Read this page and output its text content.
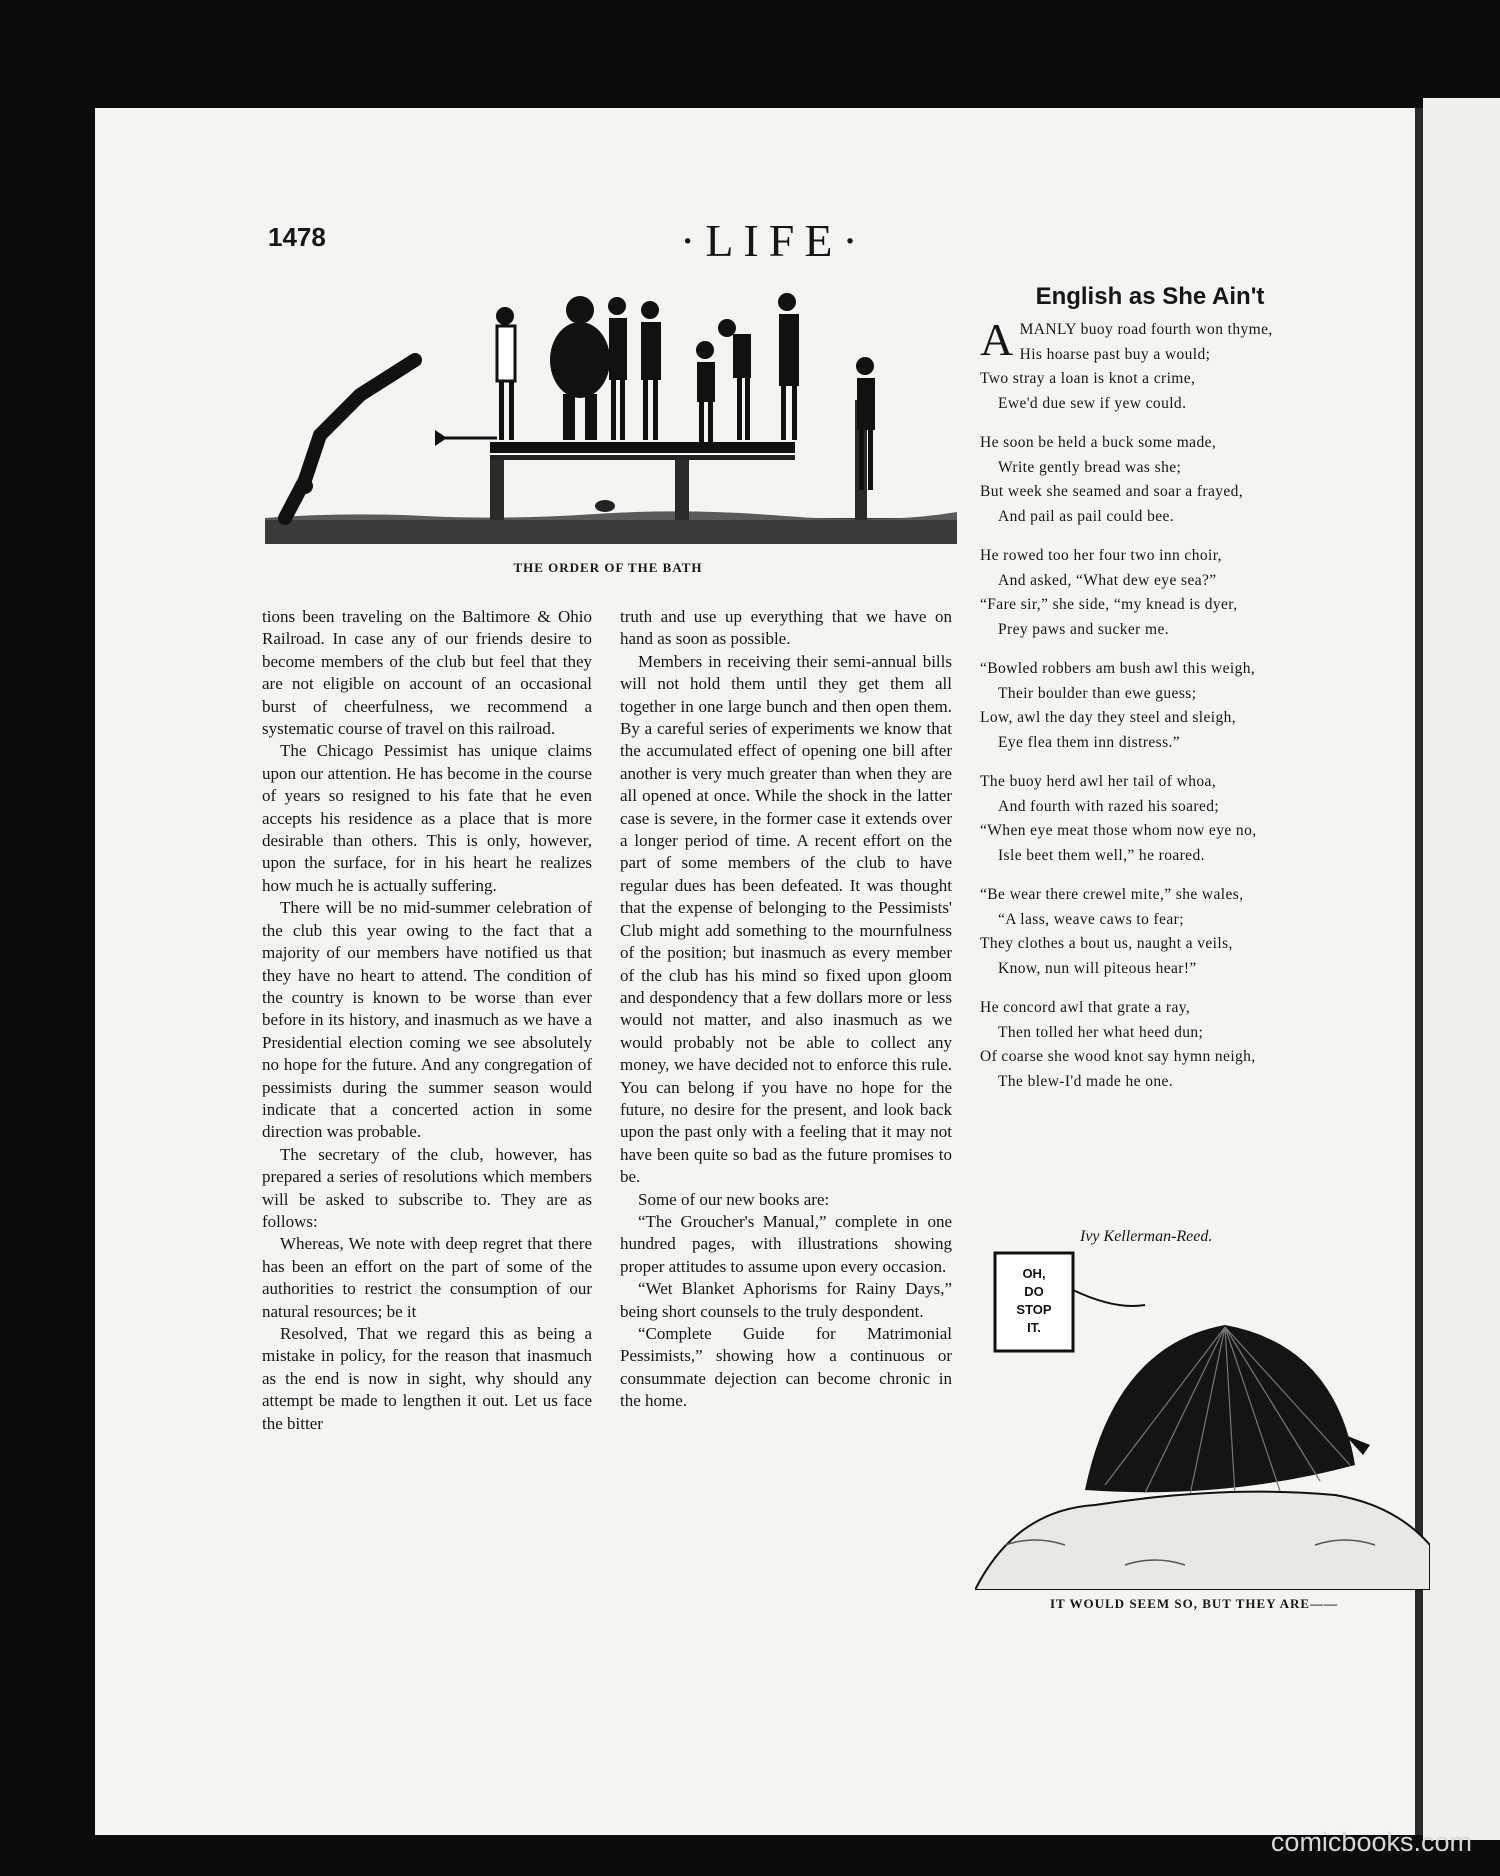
1478	·LIFE·
THE ORDER OF THE BATH

tions been traveling on the Baltimore & Ohio Railroad. In case any of our friends desire to become members of the club but feel that they are not eligible on account of an occasional burst of cheerfulness, we recommend a systematic course of travel on this railroad.

The Chicago Pessimist has unique claims upon our attention. He has become in the course of years so resigned to his fate that he even accepts his residence as a place that is more desirable than others. This is only, however, upon the surface, for in his heart he realizes how much he is actually suffering.

There will be no mid-summer celebration of the club this year owing to the fact that a majority of our members have notified us that they have no heart to attend. The condition of the country is known to be worse than ever before in its history, and inasmuch as we have a Presidential election coming we see absolutely no hope for the future. And any congregation of pessimists during the summer season would indicate that a concerted action in some direction was probable.

The secretary of the club, however, has prepared a series of resolutions which members will be asked to subscribe to. They are as follows:

Whereas, We note with deep regret that there has been an effort on the part of some of the authorities to restrict the consumption of our natural resources; be it

Resolved, That we regard this as being a mistake in policy, for the reason that inasmuch as the end is now in sight, why should any attempt be made to lengthen it out. Let us face the bitter

truth and use up everything that we have on hand as soon as possible.

Members in receiving their semi-annual bills will not hold them until they get them all together in one large bunch and then open them. By a careful series of experiments we know that the accumulated effect of opening one bill after another is very much greater than when they are all opened at once. While the shock in the latter case is severe, in the former case it extends over a longer period of time. A recent effort on the part of some members of the club to have regular dues has been defeated. It was thought that the expense of belonging to the Pessimists' Club might add something to the mournfulness of the position; but inasmuch as every member of the club has his mind so fixed upon gloom and despondency that a few dollars more or less would not matter, and also inasmuch as we would probably not be able to collect any money, we have decided not to enforce this rule. You can belong if you have no hope for the future, no desire for the present, and look back upon the past only with a feeling that it may not have been quite so bad as the future promises to be.

Some of our new books are:

“The Groucher's Manual,” complete in one hundred pages, with illustrations showing proper attitudes to assume upon every occasion.

“Wet Blanket Aphorisms for Rainy Days,” being short counsels to the truly despondent.

“Complete Guide for Matrimonial Pessimists,” showing how a continuous or consummate dejection can become chronic in the home.

English as She Ain't
A MANLY buoy road fourth won thyme,
His hoarse past buy a would;
Two stray a loan is knot a crime,
Ewe'd due sew if yew could.
He soon be held a buck some made,
Write gently bread was she;
But week she seamed and soar a frayed,
And pail as pail could bee.
He rowed too her four two inn choir,
And asked, “What dew eye sea?”
“Fare sir,” she side, “my knead is dyer,
Prey paws and sucker me.
“Bowled robbers am bush awl this weigh,
Their boulder than ewe guess;
Low, awl the day they steel and sleigh,
Eye flea them inn distress.”
The buoy herd awl her tail of whoa,
And fourth with razed his soared;
“When eye meat those whom now eye no,
Isle beet them well,” he roared.
“Be wear there crewel mite,” she wales,
“A lass, weave caws to fear;
They clothes a bout us, naught a veils,
Know, nun will piteous hear!”
He concord awl that grate a ray,
Then tolled her what heed dun;
Of coarse she wood knot say hymn neigh,
The blew-I'd made he one.
Ivy Kellerman-Reed.
OH,
DO
STOP
IT.
IT WOULD SEEM SO, BUT THEY ARE——
comicbooks.com
